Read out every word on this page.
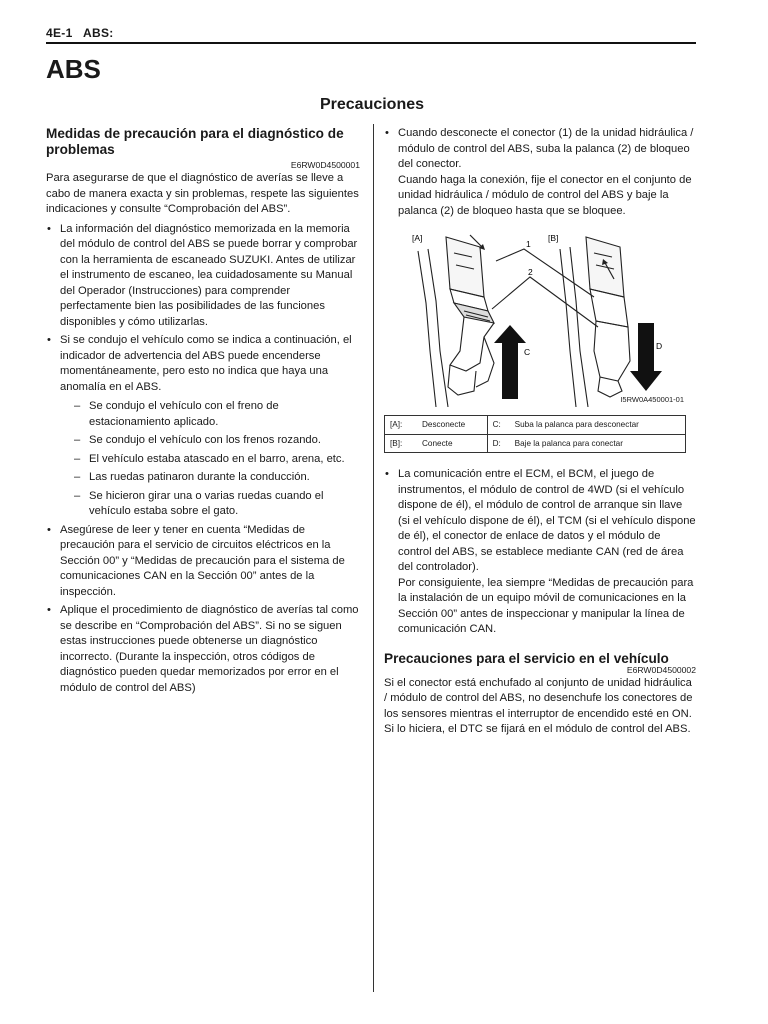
4E-1 ABS:
ABS
Precauciones
Medidas de precaución para el diagnóstico de problemas
E6RW0D4500001

Para asegurarse de que el diagnóstico de averías se lleve a cabo de manera exacta y sin problemas, respete las siguientes indicaciones y consulte “Comprobación del ABS”.

• La información del diagnóstico memorizada en la memoria del módulo de control del ABS se puede borrar y comprobar con la herramienta de escaneado SUZUKI. Antes de utilizar el instrumento de escaneo, lea cuidadosamente su Manual del Operador (Instrucciones) para comprender perfectamente bien las posibilidades de las funciones disponibles y cómo utilizarlas.
• Si se condujo el vehículo como se indica a continuación, el indicador de advertencia del ABS puede encenderse momentáneamente, pero esto no indica que haya una anomalía en el ABS.
– Se condujo el vehículo con el freno de estacionamiento aplicado.
– Se condujo el vehículo con los frenos rozando.
– El vehículo estaba atascado en el barro, arena, etc.
– Las ruedas patinaron durante la conducción.
– Se hicieron girar una o varias ruedas cuando el vehículo estaba sobre el gato.
• Asegúrese de leer y tener en cuenta “Medidas de precaución para el servicio de circuitos eléctricos en la Sección 00” y “Medidas de precaución para el sistema de comunicaciones CAN en la Sección 00” antes de la inspección.
• Aplique el procedimiento de diagnóstico de averías tal como se describe en “Comprobación del ABS”. Si no se siguen estas instrucciones puede obtenerse un diagnóstico incorrecto. (Durante la inspección, otros códigos de diagnóstico pueden quedar memorizados por error en el módulo de control del ABS)
• Cuando desconecte el conector (1) de la unidad hidráulica / módulo de control del ABS, suba la palanca (2) de bloqueo del conector.
Cuando haga la conexión, fije el conector en el conjunto de unidad hidráulica / módulo de control del ABS y baje la palanca (2) de bloqueo hasta que se bloquee.
[A]	[B]
1
2
C
D
I5RW0A450001-01
[A]:	Desconecte	C:	Suba la palanca para desconectar
[B]:	Conecte	D:	Baje la palanca para conectar
• La comunicación entre el ECM, el BCM, el juego de instrumentos, el módulo de control de 4WD (si el vehículo dispone de él), el módulo de control de arranque sin llave (si el vehículo dispone de él), el TCM (si el vehículo dispone de él), el conector de enlace de datos y el módulo de control del ABS, se establece mediante CAN (red de área del controlador).
Por consiguiente, lea siempre “Medidas de precaución para la instalación de un equipo móvil de comunicaciones en la Sección 00” antes de inspeccionar y manipular la línea de comunicación CAN.
Precauciones para el servicio en el vehículo
E6RW0D4500002

Si el conector está enchufado al conjunto de unidad hidráulica / módulo de control del ABS, no desenchufe los conectores de los sensores mientras el interruptor de encendido esté en ON. Si lo hiciera, el DTC se fijará en el módulo de control del ABS.
